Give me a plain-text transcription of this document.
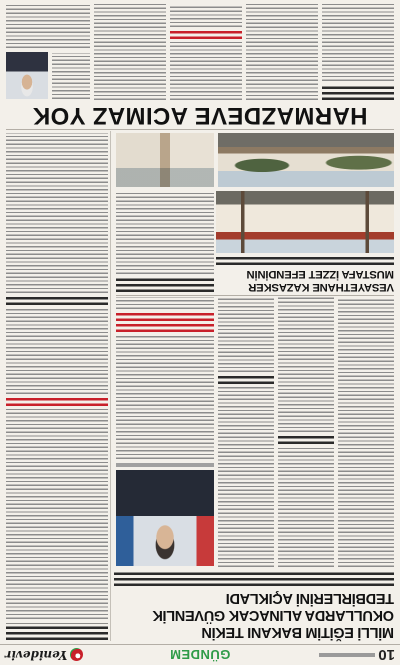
10
GÜNDEM
Yenidevir
MİLLİ EĞİTİM BAKANI TEKİN
OKULLARDA ALINACAK GÜVENLİK
TEDBİRLERİNİ AÇIKLADI
VESAYETHANE KAZASKER
MUSTAFA İZZET EFENDİNİN
HARMAZDEVE ACIMAZ YOK
